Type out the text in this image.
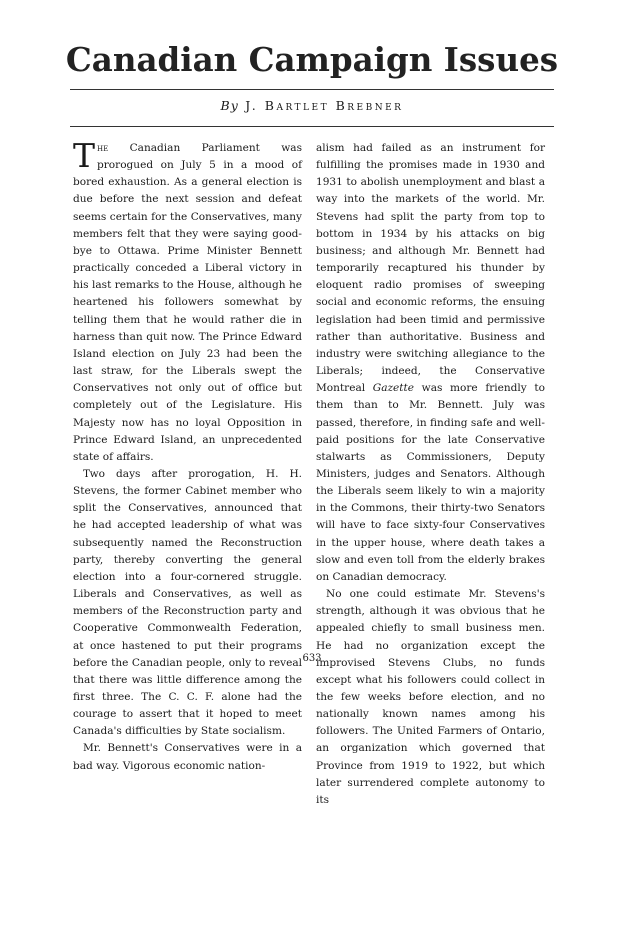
Canadian Campaign Issues
By J. Bartlet Brebner

The Canadian Parliament was prorogued on July 5 in a mood of bored exhaustion. As a general election is due before the next session and defeat seems certain for the Conservatives, many members felt that they were saying good-bye to Ottawa. Prime Minister Bennett practically conceded a Liberal victory in his last remarks to the House, although he heartened his followers somewhat by telling them that he would rather die in harness than quit now. The Prince Edward Island election on July 23 had been the last straw, for the Liberals swept the Conservatives not only out of office but completely out of the Legislature. His Majesty now has no loyal Opposition in Prince Edward Island, an unprecedented state of affairs.

Two days after prorogation, H. H. Stevens, the former Cabinet member who split the Conservatives, announced that he had accepted leadership of what was subsequently named the Reconstruction party, thereby converting the general election into a four-cornered struggle. Liberals and Conservatives, as well as members of the Reconstruction party and Cooperative Commonwealth Federation, at once hastened to put their programs before the Canadian people, only to reveal that there was little difference among the first three. The C. C. F. alone had the courage to assert that it hoped to meet Canada's difficulties by State socialism.

Mr. Bennett's Conservatives were in a bad way. Vigorous economic nation-

alism had failed as an instrument for fulfilling the promises made in 1930 and 1931 to abolish unemployment and blast a way into the markets of the world. Mr. Stevens had split the party from top to bottom in 1934 by his attacks on big business; and although Mr. Bennett had temporarily recaptured his thunder by eloquent radio promises of sweeping social and economic reforms, the ensuing legislation had been timid and permissive rather than authoritative. Business and industry were switching allegiance to the Liberals; indeed, the Conservative Montreal Gazette was more friendly to them than to Mr. Bennett. July was passed, therefore, in finding safe and well-paid positions for the late Conservative stalwarts as Commissioners, Deputy Ministers, judges and Senators. Although the Liberals seem likely to win a majority in the Commons, their thirty-two Senators will have to face sixty-four Conservatives in the upper house, where death takes a slow and even toll from the elderly brakes on Canadian democracy.

No one could estimate Mr. Stevens's strength, although it was obvious that he appealed chiefly to small business men. He had no organization except the improvised Stevens Clubs, no funds except what his followers could collect in the few weeks before election, and no nationally known names among his followers. The United Farmers of Ontario, an organization which governed that Province from 1919 to 1922, but which later surrendered complete autonomy to its

633
